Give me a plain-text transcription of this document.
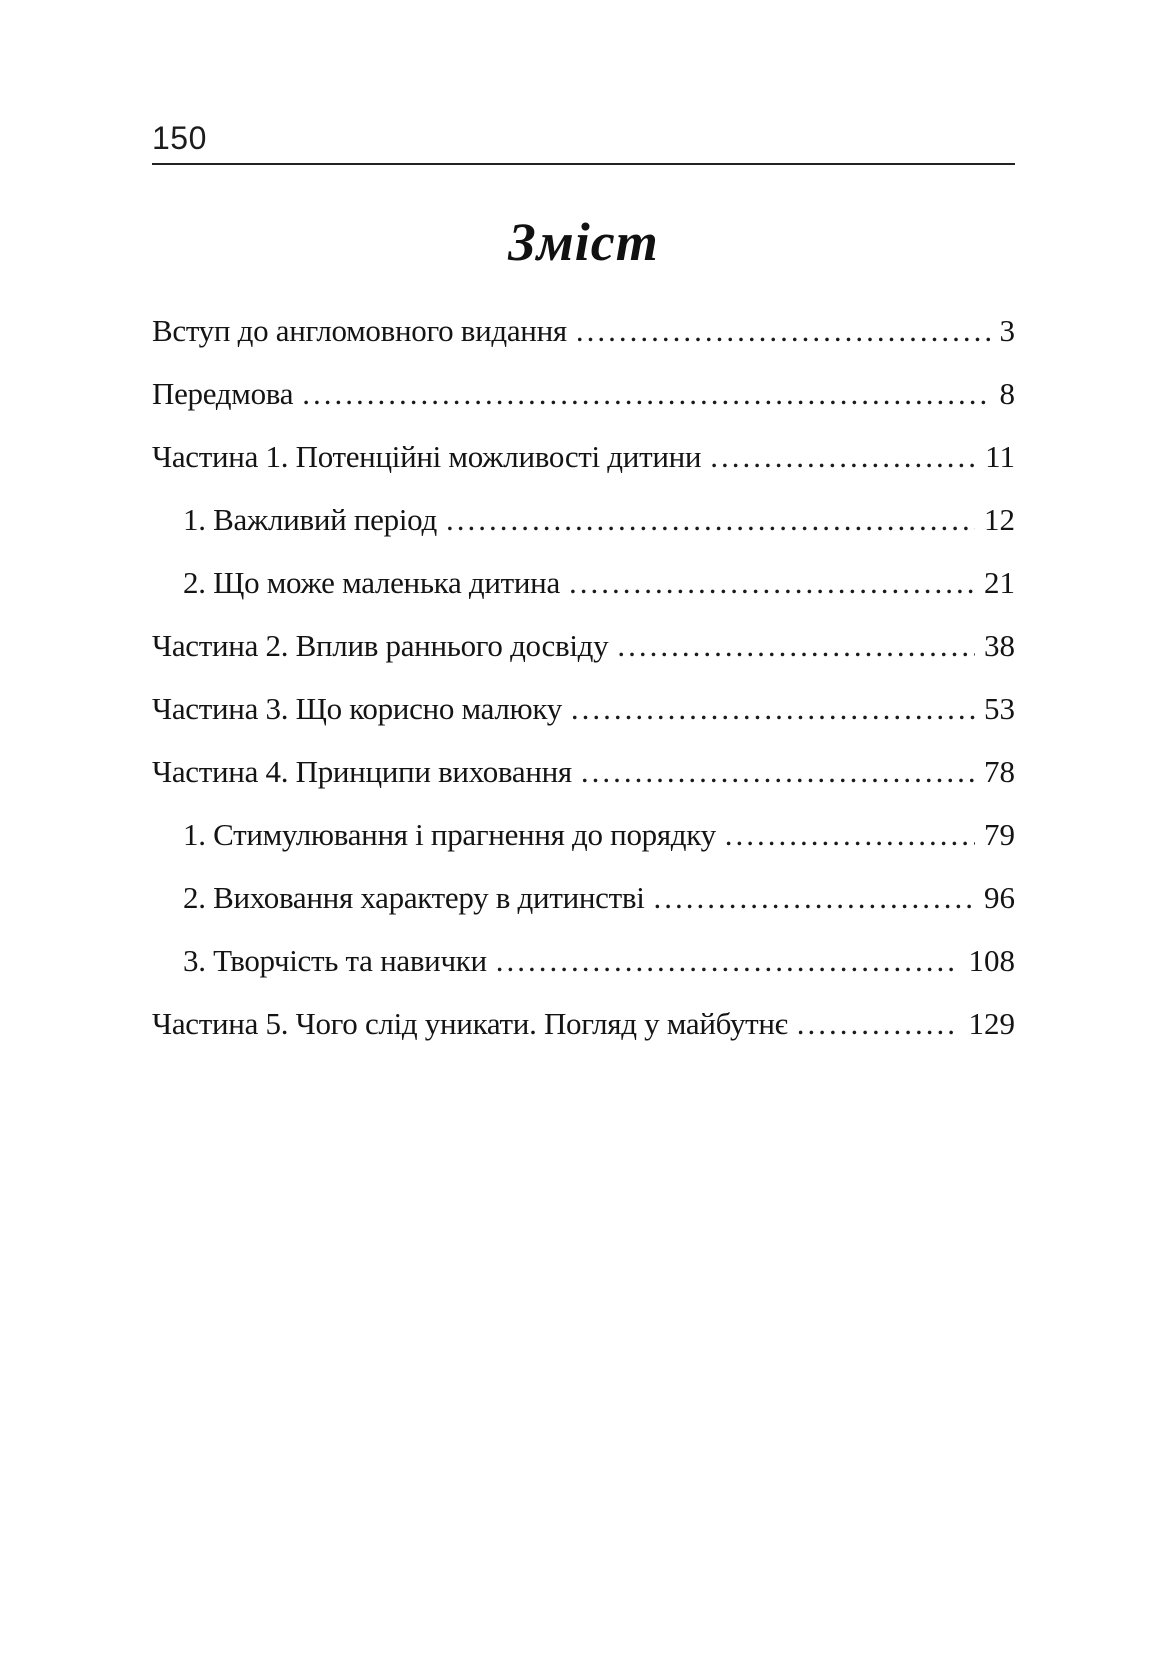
150
Зміст
Вступ до англомовного видання .....	3
Передмова .....	8
Частина 1. Потенційні можливості дитини .....	11
1. Важливий період .....	12
2. Що може маленька дитина .....	21
Частина 2. Вплив раннього досвіду .....	38
Частина 3. Що корисно малюку .....	53
Частина 4. Принципи виховання .....	78
1. Стимулювання і прагнення до порядку .....	79
2. Виховання характеру в дитинстві .....	96
3. Творчість та навички .....	108
Частина 5. Чого слід уникати. Погляд у майбутнє .....	129
